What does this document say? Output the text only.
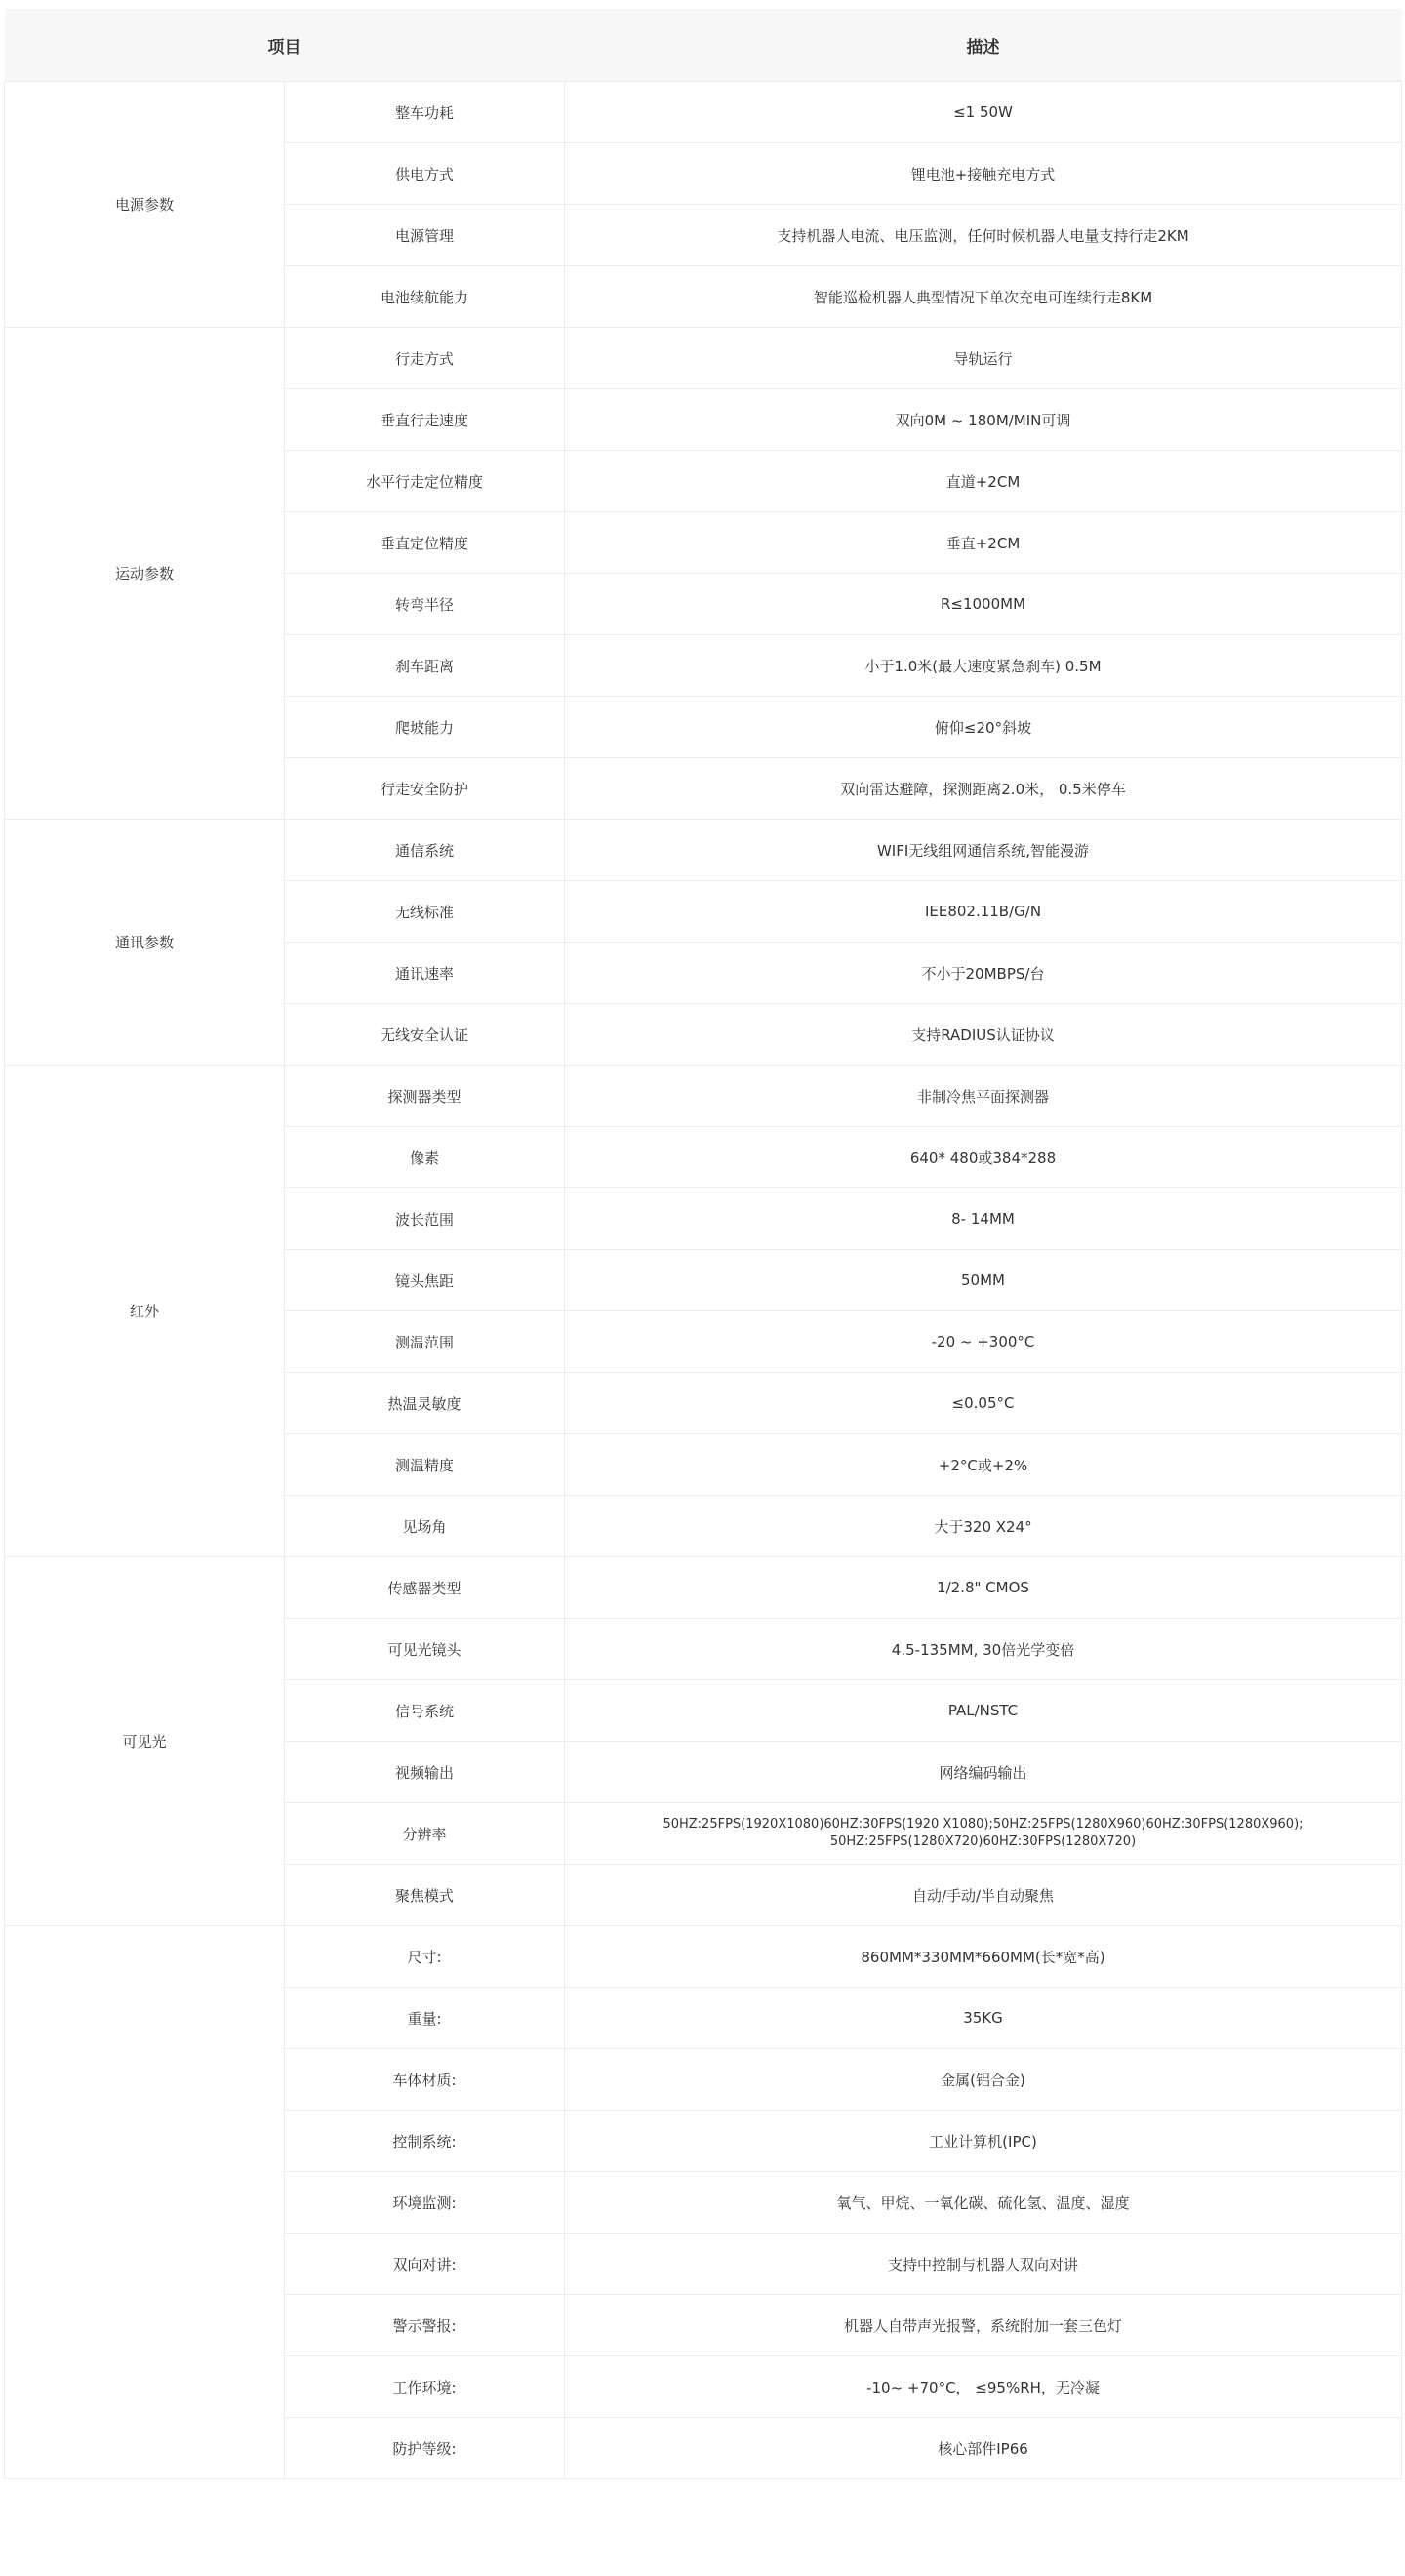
项目		描述
电源参数	整车功耗	≤1 50W
	供电方式	锂电池+接触充电方式
	电源管理	支持机器人电流、电压监测，任何时候机器人电量支持行走2KM
	电池续航能力	智能巡检机器人典型情况下单次充电可连续行走8KM
运动参数	行走方式	导轨运行
	垂直行走速度	双向0M ~ 180M/MIN可调
	水平行走定位精度	直道+2CM
	垂直定位精度	垂直+2CM
	转弯半径	R≤1000MM
	刹车距离	小于1.0米(最大速度紧急刹车) 0.5M
	爬坡能力	俯仰≤20°斜坡
	行走安全防护	双向雷达避障，探测距离2.0米， 0.5米停车
通讯参数	通信系统	WIFI无线组网通信系统,智能漫游
	无线标准	IEE802.11B/G/N
	通讯速率	不小于20MBPS/台
	无线安全认证	支持RADIUS认证协议
红外	探测器类型	非制冷焦平面探测器
	像素	640* 480或384*288
	波长范围	8- 14MM
	镜头焦距	50MM
	测温范围	-20 ~ +300°C
	热温灵敏度	≤0.05°C
	测温精度	+2°C或+2%
	见场角	大于320 X24°
可见光	传感器类型	1/2.8" CMOS
	可见光镜头	4.5-135MM, 30倍光学变倍
	信号系统	PAL/NSTC
	视频输出	网络编码输出
	分辨率	50HZ:25FPS(1920X1080)60HZ:30FPS(1920 X1080);50HZ:25FPS(1280X960)60HZ:30FPS(1280X960);
50HZ:25FPS(1280X720)60HZ:30FPS(1280X720)

	聚焦模式	自动/手动/半自动聚焦
	尺寸:	860MM*330MM*660MM(长*宽*高)
	重量:	35KG
	车体材质:	金属(铝合金)
	控制系统:	工业计算机(IPC)
	环境监测:	氧气、甲烷、一氧化碳、硫化氢、温度、湿度
	双向对讲:	支持中控制与机器人双向对讲
	警示警报:	机器人自带声光报警，系统附加一套三色灯
	工作环境:	-10~ +70°C， ≤95%RH，无冷凝
	防护等级:	核心部件IP66
